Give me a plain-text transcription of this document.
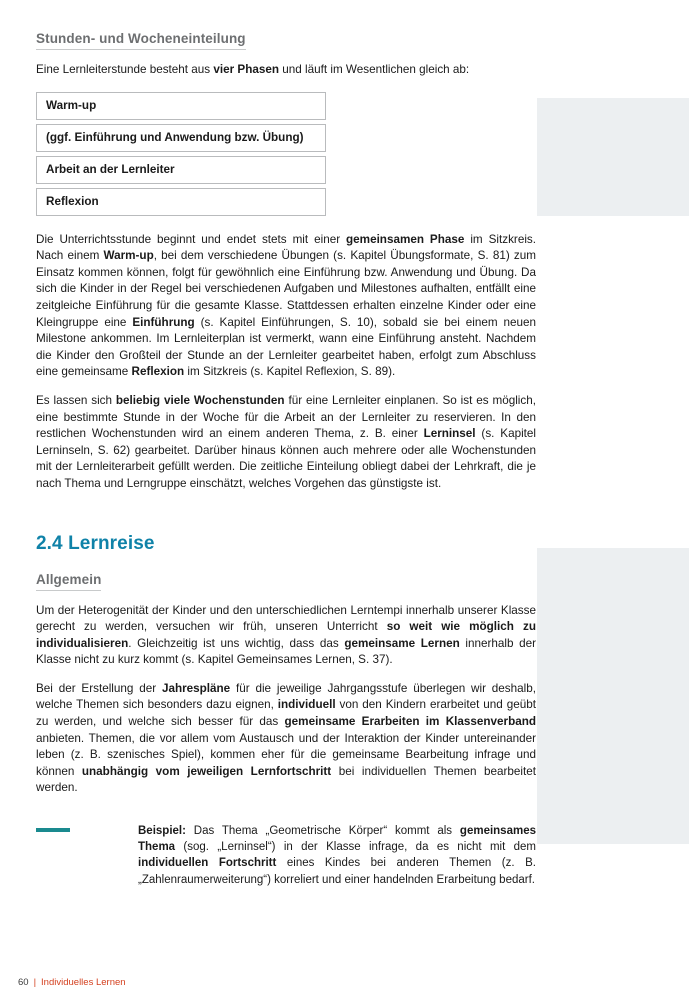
Stunden- und Wocheneinteilung

Eine Lernleiterstunde besteht aus vier Phasen und läuft im Wesentlichen gleich ab:

Warm-up
(ggf. Einführung und Anwendung bzw. Übung)
Arbeit an der Lernleiter
Reflexion

Die Unterrichtsstunde beginnt und endet stets mit einer gemeinsamen Phase im Sitzkreis. Nach einem Warm-up, bei dem verschiedene Übungen (s. Kapitel Übungsformate, S. 81) zum Einsatz kommen können, folgt für gewöhnlich eine Einführung bzw. Anwendung und Übung. Da sich die Kinder in der Regel bei verschiedenen Aufgaben und Milestones aufhalten, entfällt eine zeitgleiche Einführung für die gesamte Klasse. Stattdessen erhalten einzelne Kinder oder eine Kleingruppe eine Einführung (s. Kapitel Einführungen, S. 10), sobald sie bei einem neuen Milestone ankommen. Im Lernleiterplan ist vermerkt, wann eine Einführung ansteht. Nachdem die Kinder den Großteil der Stunde an der Lernleiter gearbeitet haben, erfolgt zum Abschluss eine gemeinsame Reflexion im Sitzkreis (s. Kapitel Reflexion, S. 89).

Es lassen sich beliebig viele Wochenstunden für eine Lernleiter einplanen. So ist es möglich, eine bestimmte Stunde in der Woche für die Arbeit an der Lernleiter zu reservieren. In den restlichen Wochenstunden wird an einem anderen Thema, z. B. einer Lerninsel (s. Kapitel Lerninseln, S. 62) gearbeitet. Darüber hinaus können auch mehrere oder alle Wochenstunden mit der Lernleiterarbeit gefüllt werden. Die zeitliche Einteilung obliegt dabei der Lehrkraft, die je nach Thema und Lerngruppe einschätzt, welches Vorgehen das günstigste ist.

2.4 Lernreise
Allgemein

Um der Heterogenität der Kinder und den unterschiedlichen Lerntempi innerhalb unserer Klasse gerecht zu werden, versuchen wir früh, unseren Unterricht so weit wie möglich zu individualisieren. Gleichzeitig ist uns wichtig, dass das gemeinsame Lernen innerhalb der Klasse nicht zu kurz kommt (s. Kapitel Gemeinsames Lernen, S. 37).

Bei der Erstellung der Jahrespläne für die jeweilige Jahrgangsstufe überlegen wir deshalb, welche Themen sich besonders dazu eignen, individuell von den Kindern erarbeitet und geübt zu werden, und welche sich besser für das gemeinsame Erarbeiten im Klassenverband anbieten. Themen, die vor allem vom Austausch und der Interaktion der Kinder untereinander leben (z. B. szenisches Spiel), kommen eher für die gemeinsame Bearbeitung infrage und können unabhängig vom jeweiligen Lernfortschritt bei individuellen Themen bearbeitet werden.

Beispiel: Das Thema „Geometrische Körper“ kommt als gemeinsames Thema (sog. „Lerninsel“) in der Klasse infrage, da es nicht mit dem individuellen Fortschritt eines Kindes bei anderen Themen (z. B. „Zahlenraumerweiterung“) korreliert und einer handelnden Erarbeitung bedarf.

60 | Individuelles Lernen
